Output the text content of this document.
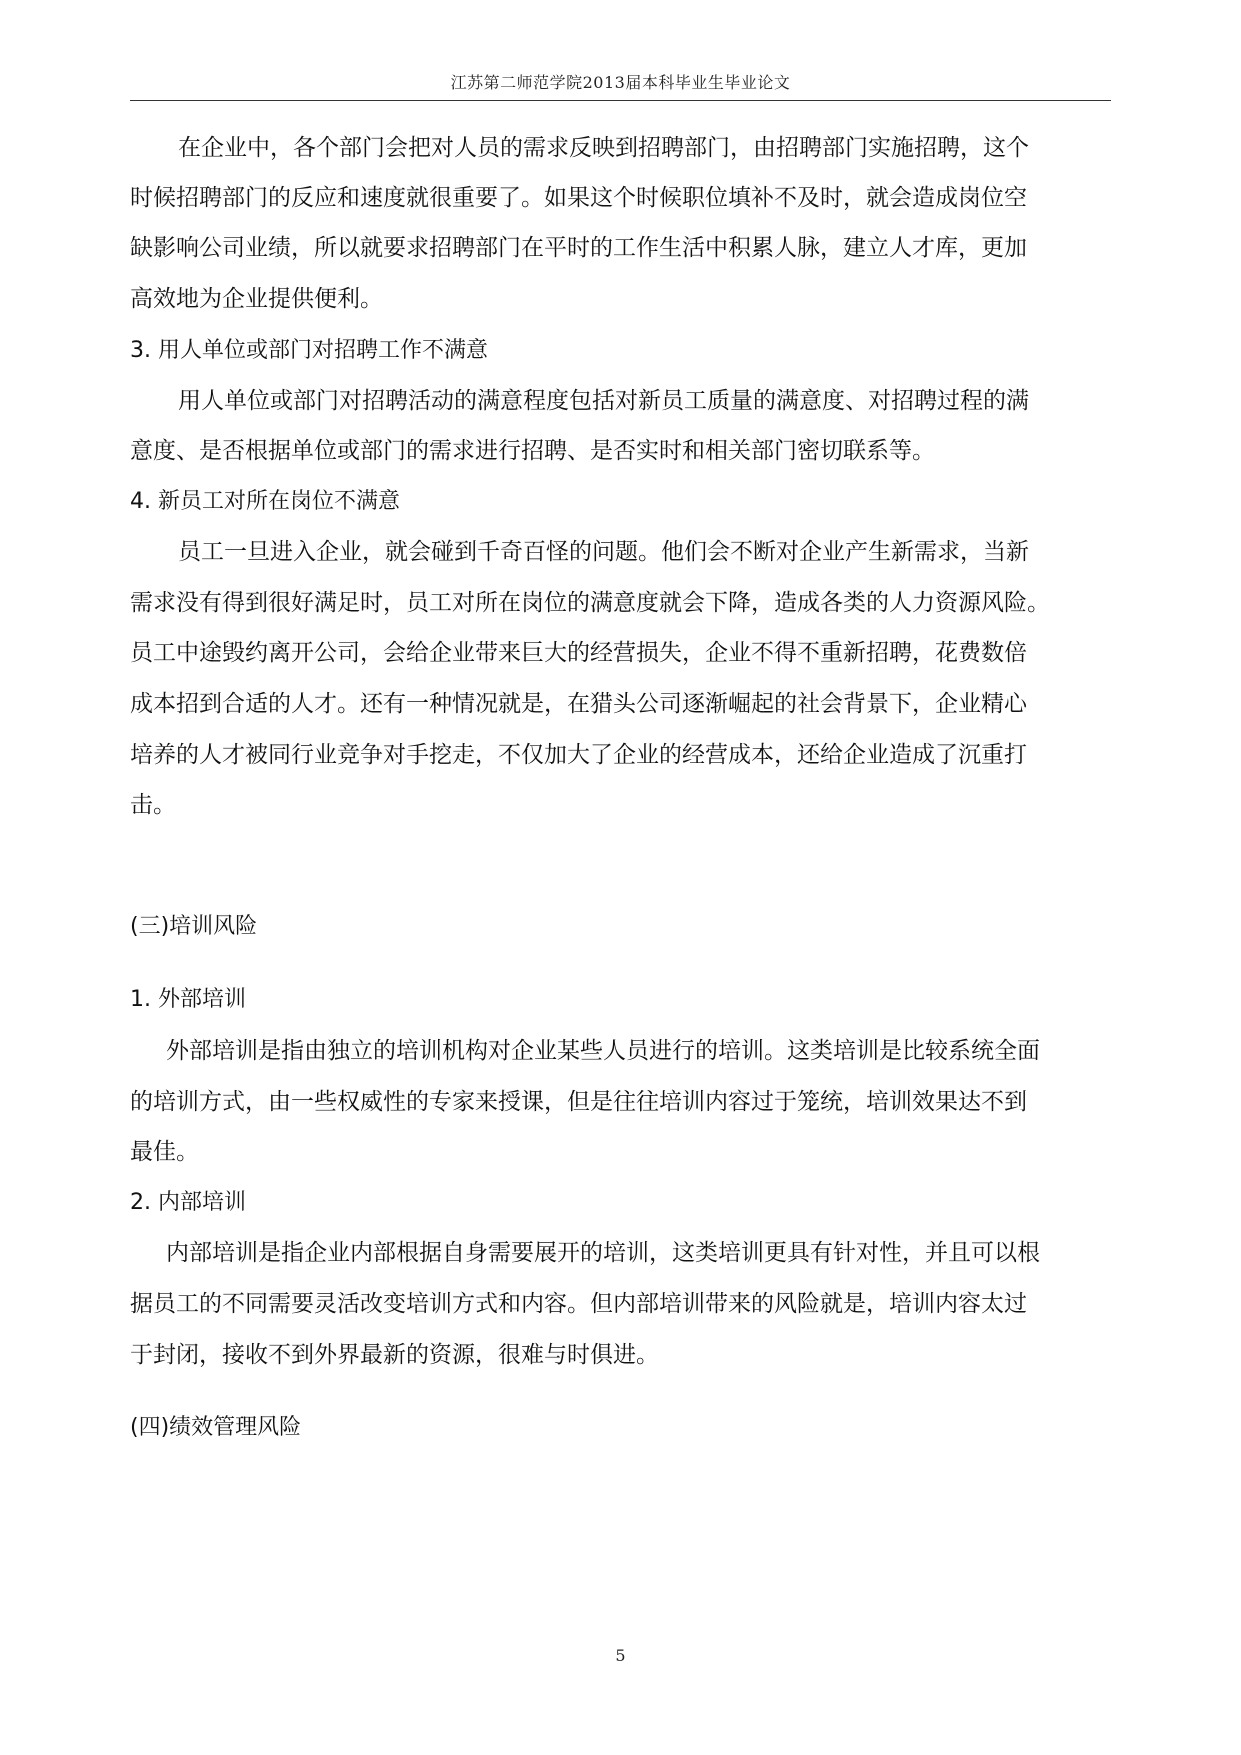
江苏第二师范学院2013届本科毕业生毕业论文
在企业中，各个部门会把对人员的需求反映到招聘部门，由招聘部门实施招聘，这个
时候招聘部门的反应和速度就很重要了。如果这个时候职位填补不及时，就会造成岗位空
缺影响公司业绩，所以就要求招聘部门在平时的工作生活中积累人脉，建立人才库，更加
高效地为企业提供便利。
3. 用人单位或部门对招聘工作不满意
用人单位或部门对招聘活动的满意程度包括对新员工质量的满意度、对招聘过程的满
意度、是否根据单位或部门的需求进行招聘、是否实时和相关部门密切联系等。
4. 新员工对所在岗位不满意
员工一旦进入企业，就会碰到千奇百怪的问题。他们会不断对企业产生新需求，当新
需求没有得到很好满足时，员工对所在岗位的满意度就会下降，造成各类的人力资源风险。
员工中途毁约离开公司，会给企业带来巨大的经营损失，企业不得不重新招聘，花费数倍
成本招到合适的人才。还有一种情况就是，在猎头公司逐渐崛起的社会背景下，企业精心
培养的人才被同行业竞争对手挖走，不仅加大了企业的经营成本，还给企业造成了沉重打
击。
(三)培训风险
1. 外部培训
外部培训是指由独立的培训机构对企业某些人员进行的培训。这类培训是比较系统全面
的培训方式，由一些权威性的专家来授课，但是往往培训内容过于笼统，培训效果达不到
最佳。
2. 内部培训
内部培训是指企业内部根据自身需要展开的培训，这类培训更具有针对性，并且可以根
据员工的不同需要灵活改变培训方式和内容。但内部培训带来的风险就是，培训内容太过
于封闭，接收不到外界最新的资源，很难与时俱进。
(四)绩效管理风险
5
